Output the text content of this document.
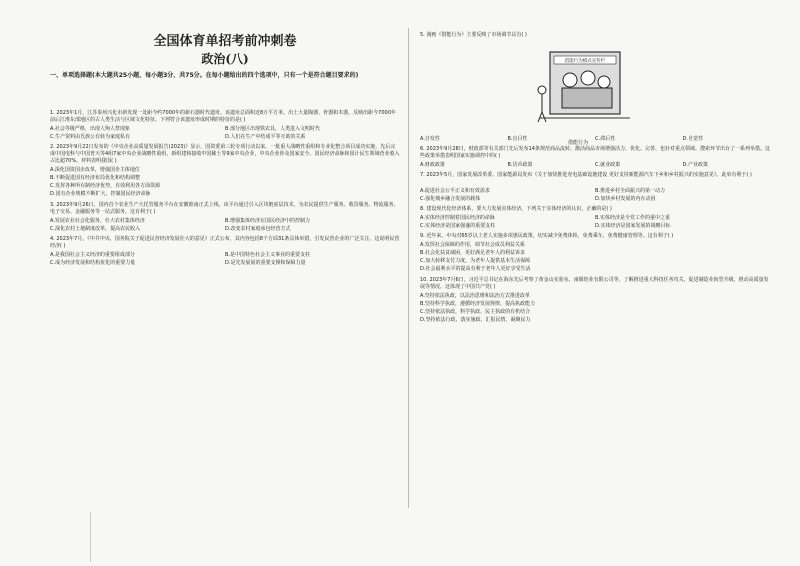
全国体育单招考前冲刺卷
政治(八)
一、单项选择题(本大题共25小题，每小题3分，共75分。在每小题给出的四个选项中，只有一个是符合题目要求的)
1. 2023年1月，江苏泰州兴化市新发现一处距今约7000年的新石器时代遗址。该遗址总面积近8万平方米，出土大量陶器、骨器和木器，反映出距今7000年前后江淮东部地区的古人类生活与区域文化特征。下列符合该遗址形成时期的特征的是( )
A.社会等级严格，出现人殉人祭现象	B.部分地区出现铁农具，人类进入文明时代
C.生产资料由氏族公有转为家庭私有	D.人们在生产中结成平等互助的关系
2. 2023年9月22日发布的《中央企业高质量发展报告(2023)》显示，国资委第三轮专项行动以来，一批重大战略性重组和专业化整合项目成功实施，先后完成中国电科与中国普天等4组7家中央企业战略性重组，新组建和接收中国稀土等9家中央企业，中央企业涉及国家安全、国民经济命脉和国计民生领域营业收入占比超70%。材料表明我国( )
A.深化国资国企改革，增强国企主体地位
B.不断促进国有经济布局优化和结构调整
C.发挥各种所有制经济优势，有效利用各方面资源
D.国有企业规模不断扩大，控制国民经济命脉
3. 2023年9月26日，国内首个农业生产大托管服务平台在安徽淮南正式上线，该平台通过引入区块链底层技术，为农民提供生产服务、收货服务、物流服务、电子交易、金融服务等一站式服务。这有利于( )
A.发展农业社会化服务，壮大农村集体经济	B.增强集体经济在国民经济中的控制力
C.深化农村土地制度改革，提高农民收入	D.改变农村家庭承包经营方式
4. 2023年7月，《中共中央、国务院关于促进民营经济发展壮大的意见》正式公布，其内容包括8个方面31条具体举措，引发民营企业的广泛关注。这说明民营经济( )
A.是我国社会主义经济的重要组成部分	B.是中国特色社会主义事业的重要支柱
C.成为经济发展和结构优化的重要力量	D.是先发展展的重要支撑和保障力量
5. 漫画《借能行为》主要反映了市场调节具有( )
A.自发性	B.盲目性	C.滞后性	D.自觉性
6. 2023年9月28日，财政部等有关部门先后发布14条规范商品流转、激活商品市场增强活力、优化、完善、也针对重点领域、搜索环节出台了一系列举措。这些政策举措表明国家实施调控中的( )
A.财政政策	B.货币政策	C.就业政策	D.产业政策
7. 2023年5月，国家发展改革委、国家能源局发布《关于加快推进充电基础设施建设 更好支持新能源汽车下乡和乡村振兴的实施意见》。此举有利于( )
A.促进社会公平正义和有效需求	B.推进乡村全面振兴的第一动力
C.强化城乡融合发展的载体	D.加快乡村发展的内在动因
8. 建设现代化经济体系，要大力发展实体经济。下列关于实体经济的认识，正确的是( )
A.实体经济控制着国民经济的命脉	B.实体经济是全党工作的重中之重
C.实体经济是国家强盛的重要支柱	D.实体经济是国家发展的战略目标
9. 近年来，中央对65岁以上老人实施多项惠民政策，切实减少免费体检，免费乘车，免费健康管理等。这有利于( )
A.发挥社会保障的作用，调节社会成员利益关系
B.社会化扶贫减困，更好满足老年人的利益诉求
C.加大转移支付力度，为老年人提供基本生活保障
D.社会福利水平的提高有利于老年人更好享受生活
10. 2023年7月6日，习近平总书记在海东先后考察了黄金山实验室、南塬铝业有限公司等，了解推进重大科技任务攻关、促进制造业转型升级、推动高质量发展等情况。这体现了中国共产党( )
A.坚持依法执政，以法治思维和法治方式推进改革
B.坚持科学执政，遵循经济发展规律，提高执政能力
C.坚持依法执政，科学执政、民主执政的有机结合
D.坚持依法行政，落实施政、汇报民情、凝聚民力
借能行为模式宣传栏
借能行为
